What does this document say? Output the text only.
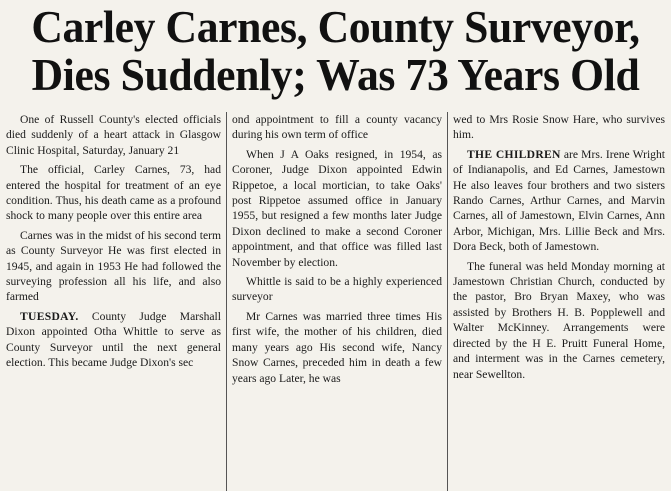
Carley Carnes, County Surveyor,
Dies Suddenly; Was 73 Years Old

One of Russell County's elected officials died suddenly of a heart attack in Glasgow Clinic Hospital, Saturday, January 21

The official, Carley Carnes, 73, had entered the hospital for treatment of an eye condition. Thus, his death came as a profound shock to many people over this entire area

Carnes was in the midst of his second term as County Surveyor He was first elected in 1945, and again in 1953 He had followed the surveying profession all his life, and also farmed

TUESDAY. County Judge Marshall Dixon appointed Otha Whittle to serve as County Surveyor until the next general election. This became Judge Dixon's sec

ond appointment to fill a county vacancy during his own term of office

When J A Oaks resigned, in 1954, as Coroner, Judge Dixon appointed Edwin Rippetoe, a local mortician, to take Oaks' post Rippetoe assumed office in January 1955, but resigned a few months later Judge Dixon declined to make a second Coroner appointment, and that office was filled last November by election.

Whittle is said to be a highly experienced surveyor

Mr Carnes was married three times His first wife, the mother of his children, died many years ago His second wife, Nancy Snow Carnes, preceded him in death a few years ago Later, he was

wed to Mrs Rosie Snow Hare, who survives him.

THE CHILDREN are Mrs. Irene Wright of Indianapolis, and Ed Carnes, Jamestown He also leaves four brothers and two sisters Rando Carnes, Arthur Carnes, and Marvin Carnes, all of Jamestown, Elvin Carnes, Ann Arbor, Michigan, Mrs. Lillie Beck and Mrs. Dora Beck, both of Jamestown.

The funeral was held Monday morning at Jamestown Christian Church, conducted by the pastor, Bro Bryan Maxey, who was assisted by Brothers H. B. Popplewell and Walter McKinney. Arrangements were directed by the H E. Pruitt Funeral Home, and interment was in the Carnes cemetery, near Sewellton.
